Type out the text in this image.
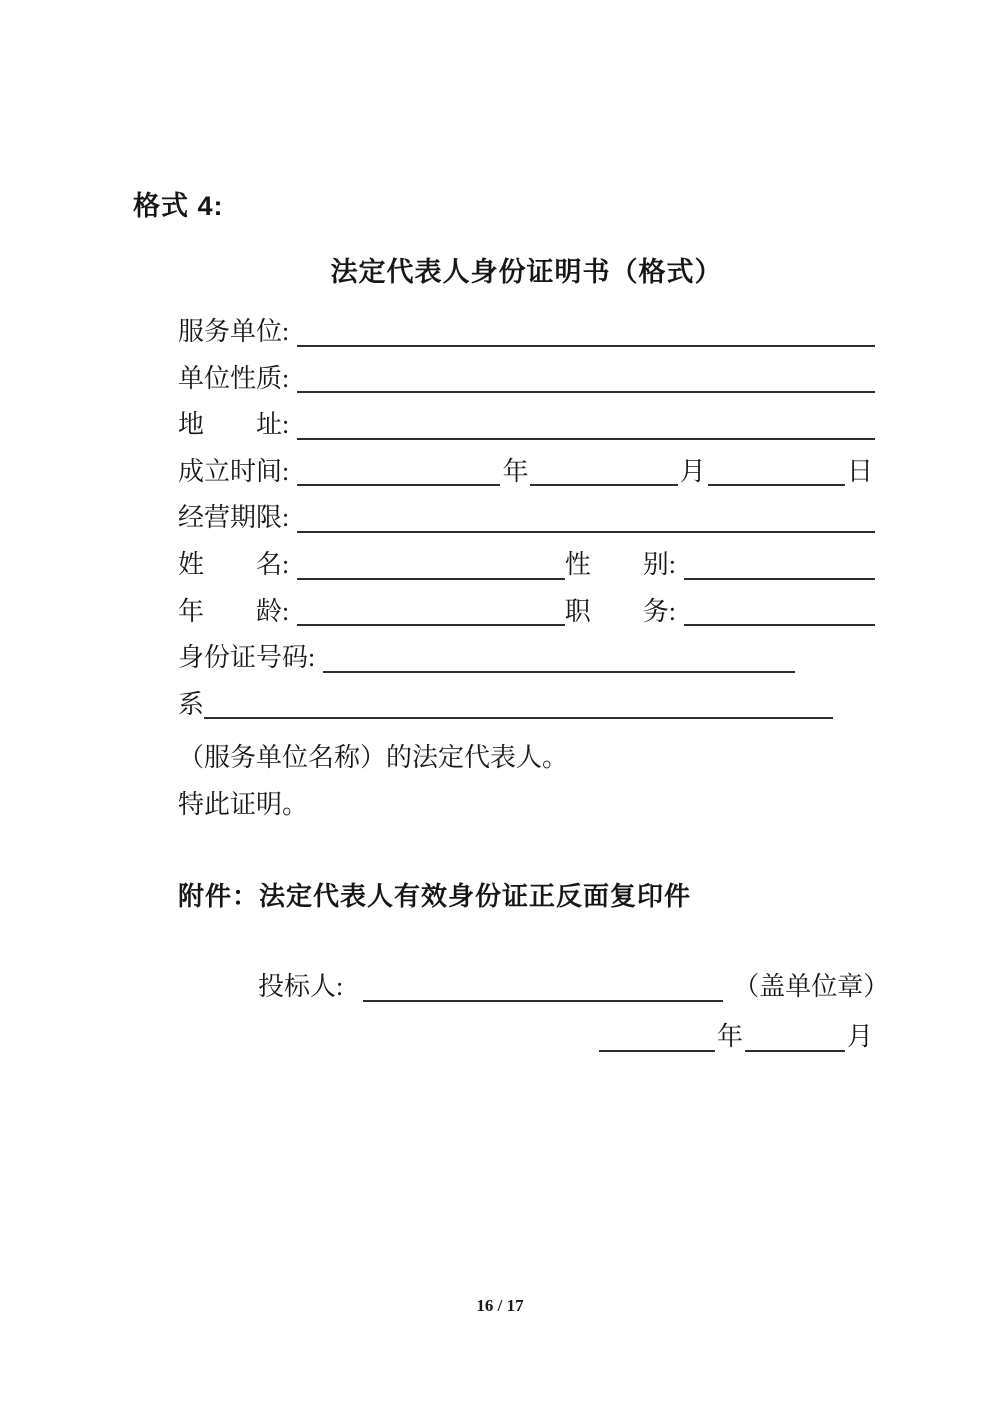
格式 4:
法定代表人身份证明书（格式）
服务单位:
单位性质:
地　　址:
成立时间:	年	月	日
经营期限:
姓　　名:	性　　别:
年　　龄:	职　　务:
身份证号码:
系
（服务单位名称）的法定代表人。
特此证明。
附件：法定代表人有效身份证正反面复印件
投标人:	（盖单位章）
年	月
16 / 17
